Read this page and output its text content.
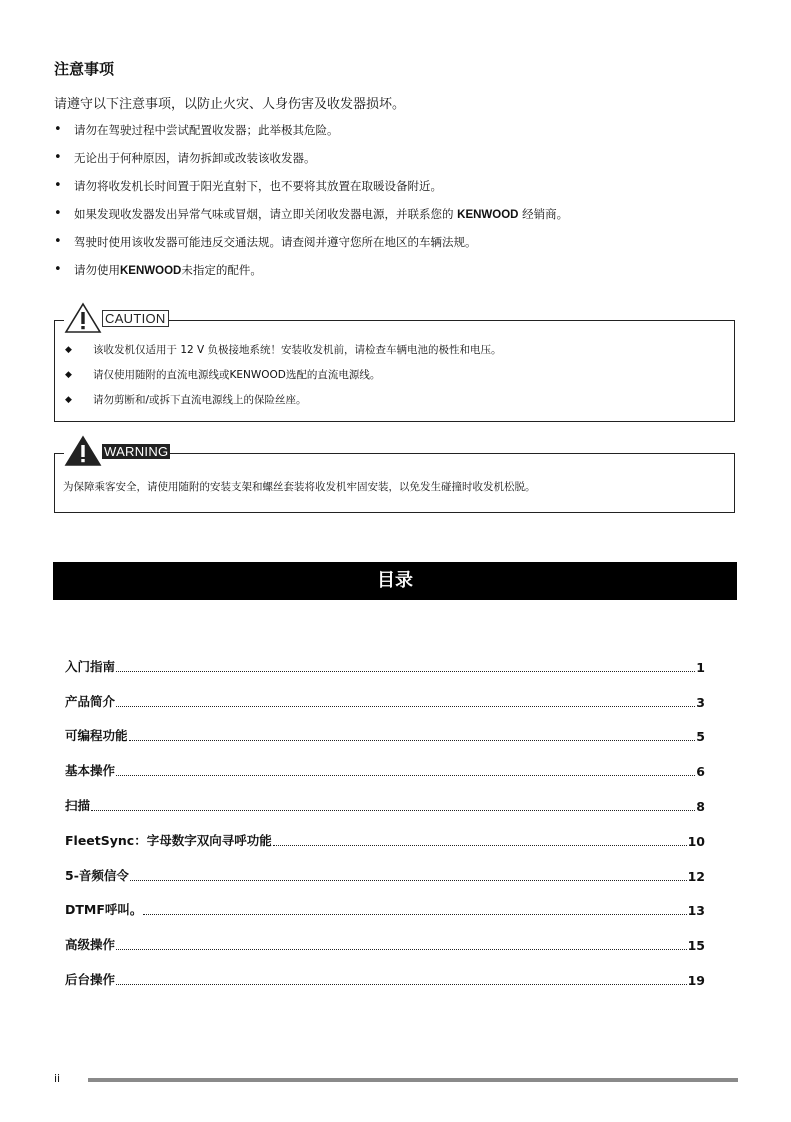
注意事项
请遵守以下注意事项，以防止火灾、人身伤害及收发器损坏。
• 请勿在驾驶过程中尝试配置收发器；此举极其危险。
• 无论出于何种原因，请勿拆卸或改装该收发器。
• 请勿将收发机长时间置于阳光直射下，也不要将其放置在取暖设备附近。
• 如果发现收发器发出异常气味或冒烟，请立即关闭收发器电源，并联系您的 KENWOOD 经销商。
• 驾驶时使用该收发器可能违反交通法规。请查阅并遵守您所在地区的车辆法规。
• 请勿使用KENWOOD未指定的配件。
◆ 该收发机仅适用于 12 V 负极接地系统！安装收发机前，请检查车辆电池的极性和电压。
◆ 请仅使用随附的直流电源线或KENWOOD选配的直流电源线。
◆ 请勿剪断和/或拆下直流电源线上的保险丝座。
CAUTION
为保障乘客安全，请使用随附的安装支架和螺丝套装将收发机牢固安装，以免发生碰撞时收发机松脱。
WARNING
目录
入门指南	1
产品简介	3
可编程功能	5
基本操作	6
扫描	8
FleetSync：字母数字双向寻呼功能	10
5-音频信令	12
DTMF呼叫。	13
高级操作	15
后台操作	19
ii
